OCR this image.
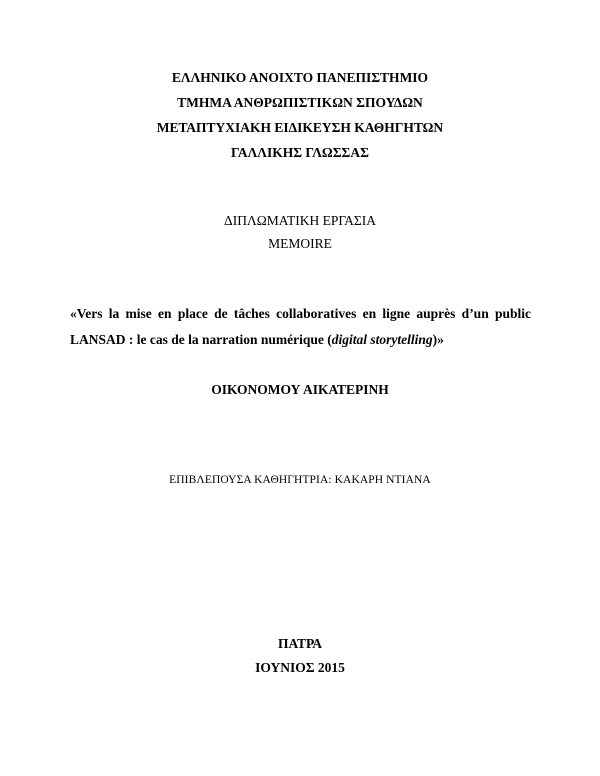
ΕΛΛΗΝΙΚΟ ΑΝΟΙΧΤΟ ΠΑΝΕΠΙΣΤΗΜΙΟ
ΤΜΗΜΑ ΑΝΘΡΩΠΙΣΤΙΚΩΝ ΣΠΟΥΔΩΝ
ΜΕΤΑΠΤΥΧΙΑΚΗ ΕΙΔΙΚΕΥΣΗ ΚΑΘΗΓΗΤΩΝ
ΓΑΛΛΙΚΗΣ ΓΛΩΣΣΑΣ
ΔΙΠΛΩΜΑΤΙΚΗ ΕΡΓΑΣΙΑ
MEMOIRE
«Vers la mise en place de tâches collaboratives en ligne auprès d’un public
LANSAD : le cas de la narration numérique (digital storytelling)»
ΟΙΚΟΝΟΜΟΥ ΑΙΚΑΤΕΡΙΝΗ
ΕΠΙΒΛΕΠΟΥΣΑ ΚΑΘΗΓΗΤΡΙΑ: ΚΑΚΑΡΗ ΝΤΙΑΝΑ
ΠΑΤΡΑ
ΙΟΥΝΙΟΣ 2015
